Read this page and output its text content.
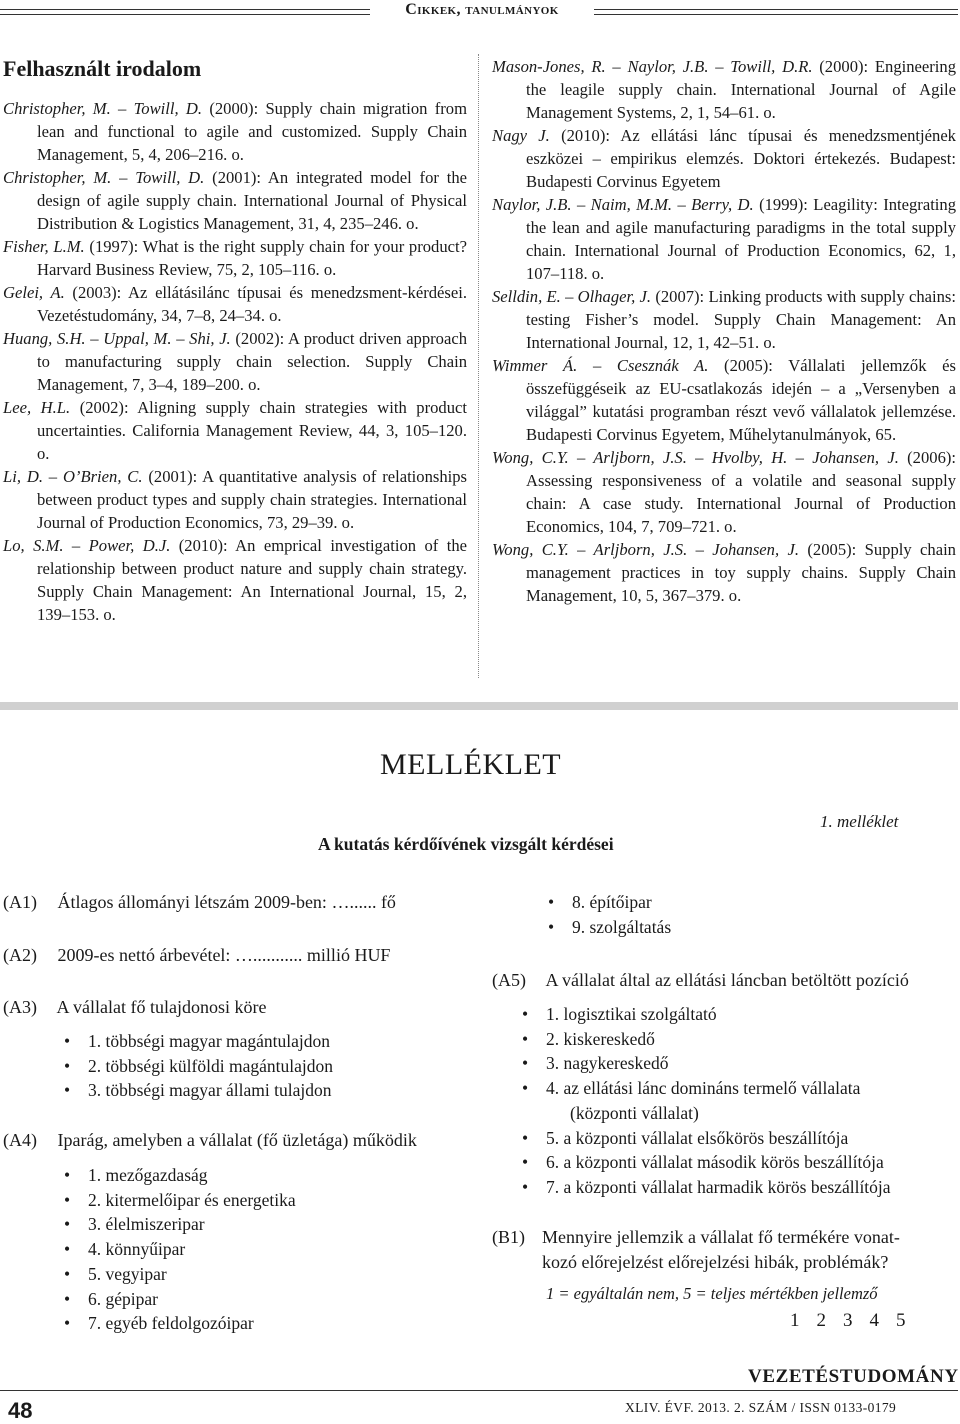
Cikkek, tanulmányok
Felhasznált irodalom

Christopher, M. – Towill, D. (2000): Supply chain migration from lean and functional to agile and customized. Supply Chain Management, 5, 4, 206–216. o.

Christopher, M. – Towill, D. (2001): An integrated model for the design of agile supply chain. International Journal of Physical Distribution & Logistics Management, 31, 4, 235–246. o.

Fisher, L.M. (1997): What is the right supply chain for your product? Harvard Business Review, 75, 2, 105–116. o.

Gelei, A. (2003): Az ellátásilánc típusai és menedzsment-kérdései. Vezetéstudomány, 34, 7–8, 24–34. o.

Huang, S.H. – Uppal, M. – Shi, J. (2002): A product driven approach to manufacturing supply chain selection. Supply Chain Management, 7, 3–4, 189–200. o.

Lee, H.L. (2002): Aligning supply chain strategies with product uncertainties. California Management Review, 44, 3, 105–120. o.

Li, D. – O’Brien, C. (2001): A quantitative analysis of relationships between product types and supply chain strategies. International Journal of Production Economics, 73, 29–39. o.

Lo, S.M. – Power, D.J. (2010): An emprical investigation of the relationship between product nature and supply chain strategy. Supply Chain Management: An International Journal, 15, 2, 139–153. o.

Mason-Jones, R. – Naylor, J.B. – Towill, D.R. (2000): Engineering the leagile supply chain. International Journal of Agile Management Systems, 2, 1, 54–61. o.

Nagy J. (2010): Az ellátási lánc típusai és menedzsmentjének eszközei – empirikus elemzés. Doktori értekezés. Budapest: Budapesti Corvinus Egyetem

Naylor, J.B. – Naim, M.M. – Berry, D. (1999): Leagility: Integrating the lean and agile manufacturing paradigms in the total supply chain. International Journal of Production Economics, 62, 1, 107–118. o.

Selldin, E. – Olhager, J. (2007): Linking products with supply chains: testing Fisher’s model. Supply Chain Management: An International Journal, 12, 1, 42–51. o.

Wimmer Á. – Csesznák A. (2005): Vállalati jellemzők és összefüggéseik az EU-csatlakozás idején – a „Versenyben a világgal” kutatási programban részt vevő vállalatok jellemzése. Budapesti Corvinus Egyetem, Műhelytanulmányok, 65.

Wong, C.Y. – Arljborn, J.S. – Hvolby, H. – Johansen, J. (2006): Assessing responsiveness of a volatile and seasonal supply chain: A case study. International Journal of Production Economics, 104, 7, 709–721. o.

Wong, C.Y. – Arljborn, J.S. – Johansen, J. (2005): Supply chain management practices in toy supply chains. Supply Chain Management, 10, 5, 367–379. o.

MELLÉKLET
1. melléklet
A kutatás kérdőívének vizsgált kérdései
(A1) Átlagos állományi létszám 2009-ben: …...... fő
(A2) 2009-es nettó árbevétel: …........... millió HUF
(A3) A vállalat fő tulajdonosi köre
• 1. többségi magyar magántulajdon
• 2. többségi külföldi magántulajdon
• 3. többségi magyar állami tulajdon
(A4) Iparág, amelyben a vállalat (fő üzletága) működik
• 1. mezőgazdaság
• 2. kitermelőipar és energetika
• 3. élelmiszeripar
• 4. könnyűipar
• 5. vegyipar
• 6. gépipar
• 7. egyéb feldolgozóipar
• 8. építőipar
• 9. szolgáltatás
(A5) A vállalat által az ellátási láncban betöltött pozíció
• 1. logisztikai szolgáltató
• 2. kiskereskedő
• 3. nagykereskedő
• 4. az ellátási lánc domináns termelő vállalata
(központi vállalat)
• 5. a központi vállalat elsőkörös beszállítója
• 6. a központi vállalat második körös beszállítója
• 7. a központi vállalat harmadik körös beszállítója
(B1) Mennyire jellemzik a vállalat fő termékére vonat-
kozó előrejelzést előrejelzési hibák, problémák?
1 = egyáltalán nem, 5 = teljes mértékben jellemző
1 2 3 4 5
VEZETÉSTUDOMÁNY
48	XLIV. ÉVF. 2013. 2. SZÁM / ISSN 0133-0179
